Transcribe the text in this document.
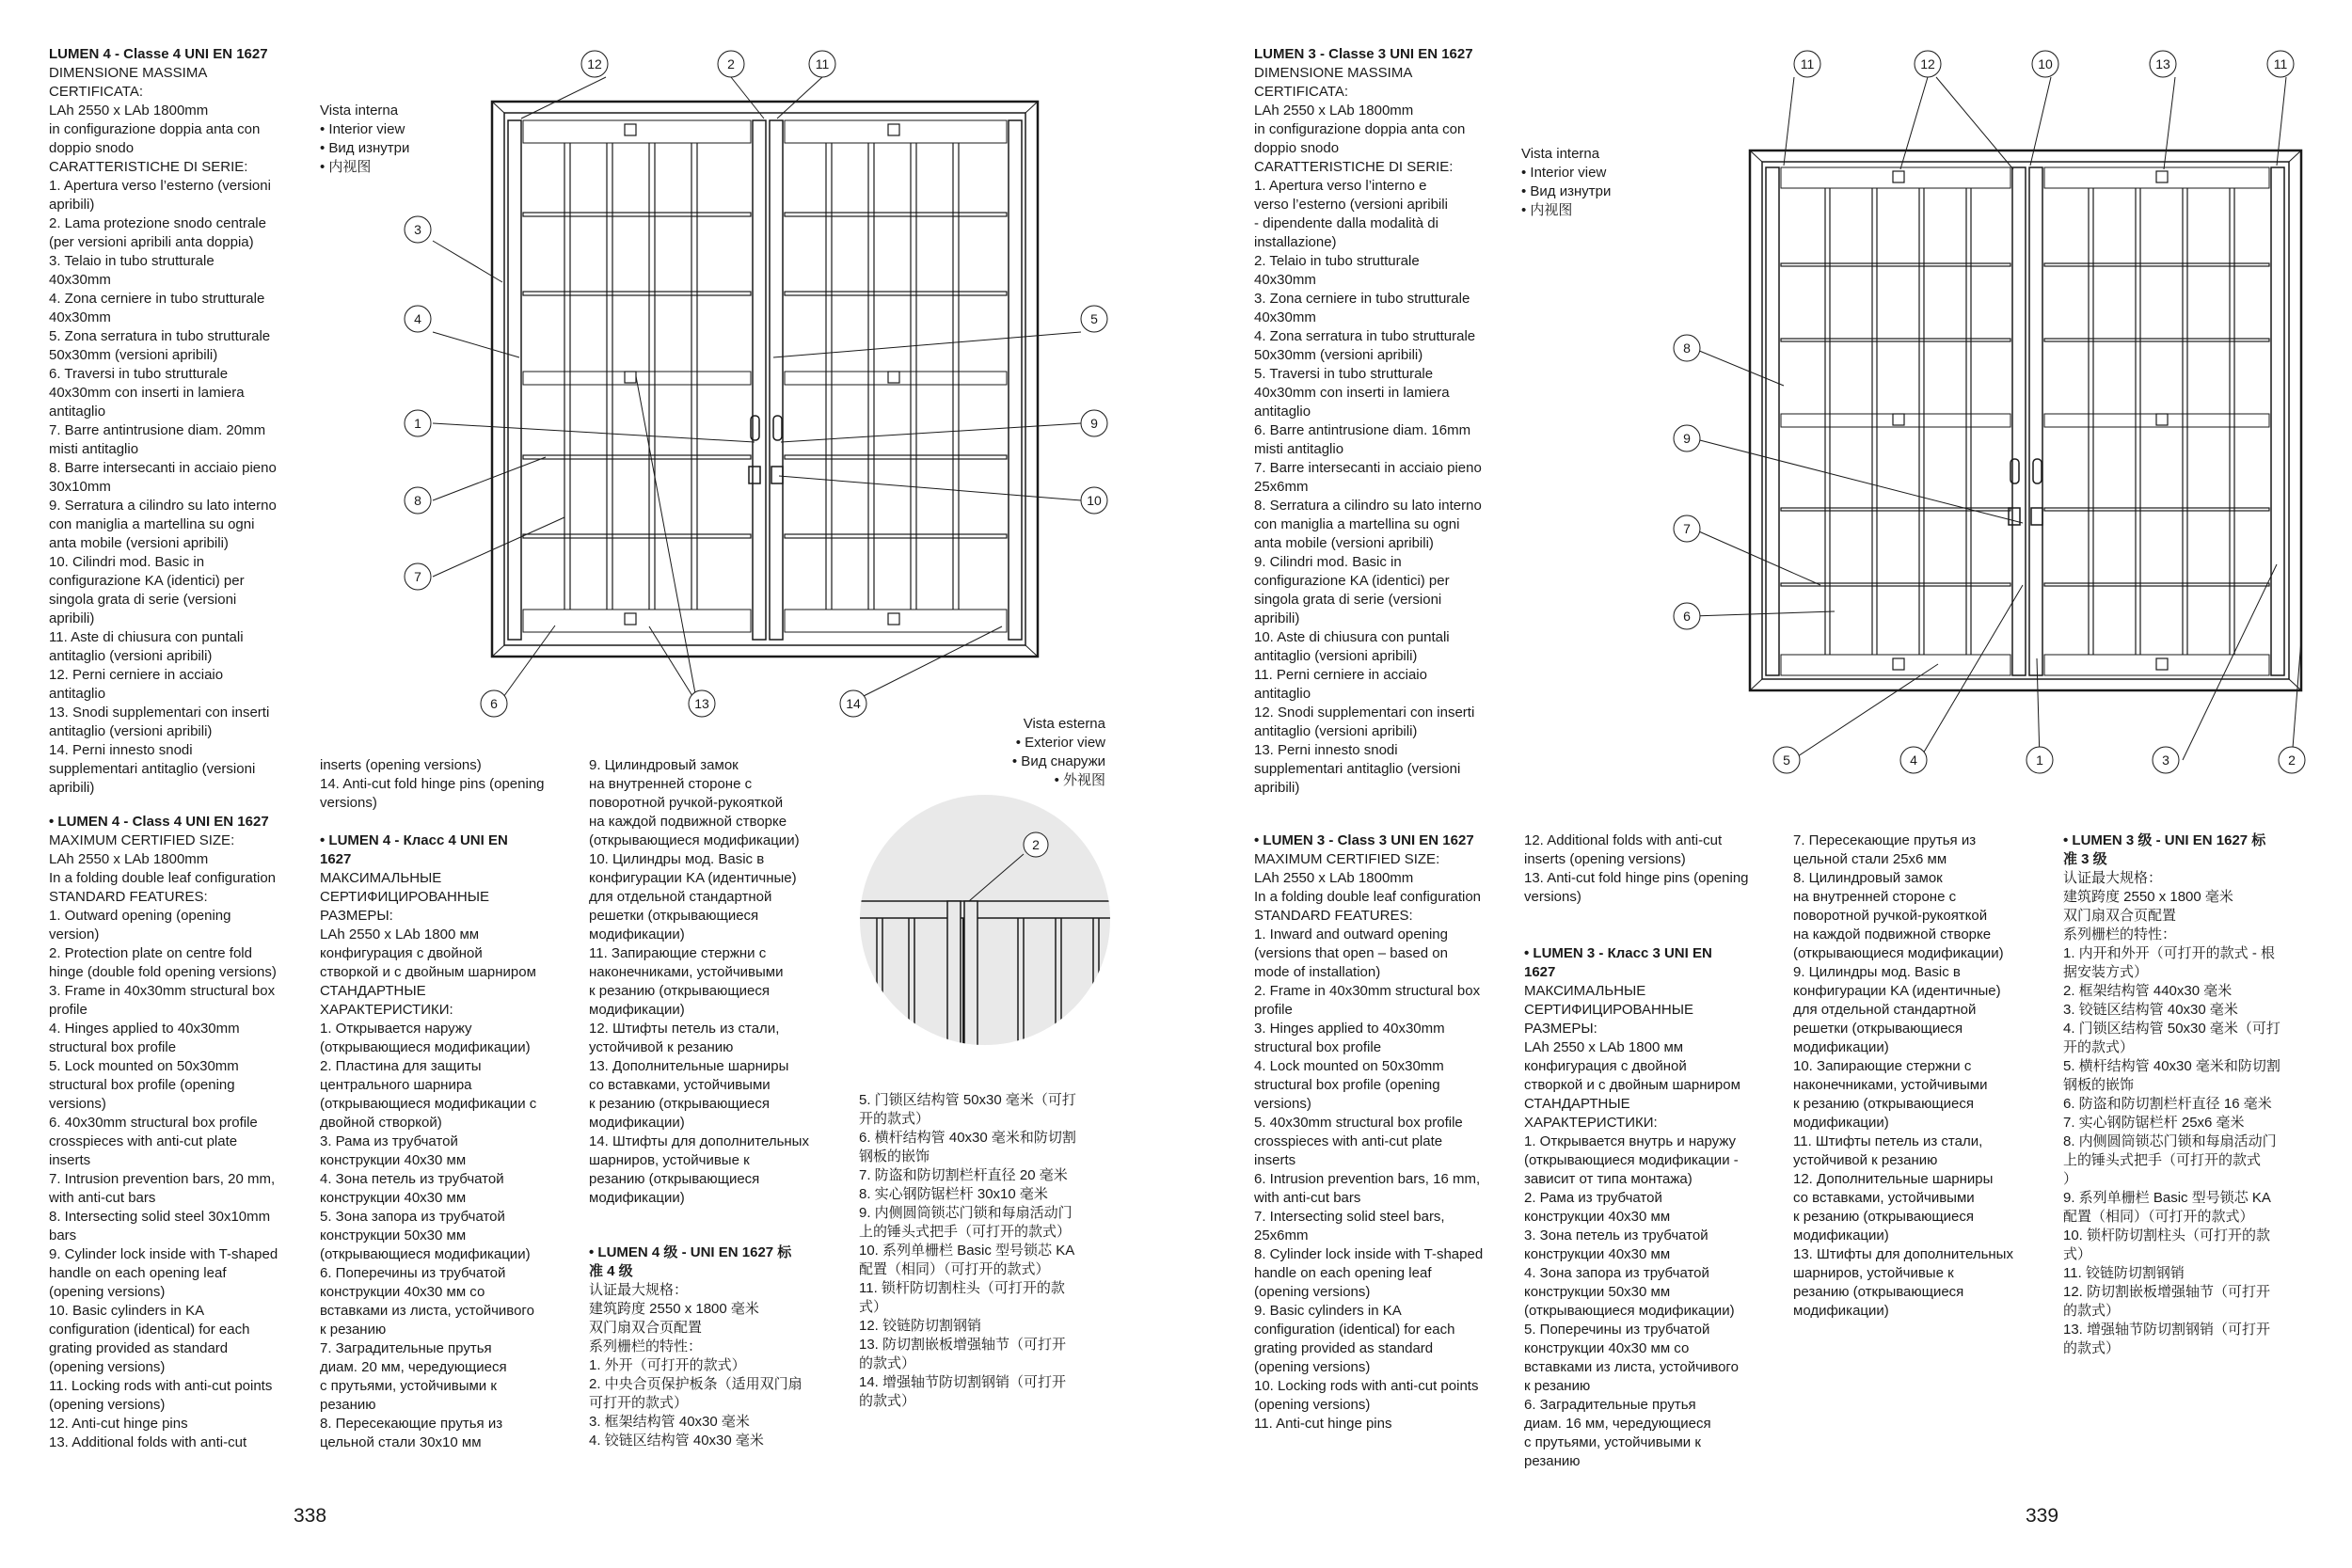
LUMEN 4 - Classe 4 UNI EN 1627
DIMENSIONE MASSIMA
CERTIFICATA:
LAh 2550 x LAb 1800mm
in configurazione doppia anta con
doppio snodo
CARATTERISTICHE DI SERIE:
1. Apertura verso l’esterno (versioni
apribili)
2. Lama protezione snodo centrale
(per versioni apribili anta doppia)
3. Telaio in tubo strutturale
40x30mm
4. Zona cerniere in tubo strutturale
40x30mm
5. Zona serratura in tubo strutturale
50x30mm (versioni apribili)
6. Traversi in tubo strutturale
40x30mm con inserti in lamiera
antitaglio
7. Barre antintrusione diam. 20mm
misti antitaglio
8. Barre intersecanti in acciaio pieno
30x10mm
9. Serratura a cilindro su lato interno
con maniglia a martellina su ogni
anta mobile (versioni apribili)
10. Cilindri mod. Basic in
configurazione KA (identici) per
singola grata di serie (versioni
apribili)
11. Aste di chiusura con puntali
antitaglio (versioni apribili)
12. Perni cerniere in acciaio
antitaglio
13. Snodi supplementari con inserti
antitaglio (versioni apribili)
14. Perni innesto snodi
supplementari antitaglio (versioni
apribili)
Vista interna
• Interior view
• Вид изнутри
• 内视图
Vista esterna
• Exterior view
• Вид снаружи
• 外视图
• LUMEN 4 - Class 4 UNI EN 1627
MAXIMUM CERTIFIED SIZE:
LAh 2550 x LAb 1800mm
In a folding double leaf configuration
STANDARD FEATURES:
1. Outward opening (opening
version)
2. Protection plate on centre fold
hinge (double fold opening versions)
3. Frame in 40x30mm structural box
profile
4. Hinges applied to 40x30mm
structural box profile
5. Lock mounted on 50x30mm
structural box profile (opening
versions)
6. 40x30mm structural box profile
crosspieces with anti-cut plate
inserts
7. Intrusion prevention bars, 20 mm,
with anti-cut bars
8. Intersecting solid steel 30x10mm
bars
9. Cylinder lock inside with T-shaped
handle on each opening leaf
(opening versions)
10. Basic cylinders in KA
configuration (identical) for each
grating provided as standard
(opening versions)
11. Locking rods with anti-cut points
(opening versions)
12. Anti-cut hinge pins
13. Additional folds with anti-cut
inserts (opening versions)
14. Anti-cut fold hinge pins (opening
versions)
• LUMEN 4 - Класс 4 UNI EN
1627
МАКСИМАЛЬНЫЕ
СЕРТИФИЦИРОВАННЫЕ
РАЗМЕРЫ:
LAh 2550 x LAb 1800 мм
конфигурация с двойной
створкой и с двойным шарниром
СТАНДАРТНЫЕ
ХАРАКТЕРИСТИКИ:
1. Открывается наружу
(открывающиеся модификации)
2. Пластина для защиты
центрального шарнира
(открывающиеся модификации с
двойной створкой)
3. Рама из трубчатой
конструкции 40x30 мм
4. Зона петель из трубчатой
конструкции 40x30 мм
5. Зона запора из трубчатой
конструкции 50x30 мм
(открывающиеся модификации)
6. Поперечины из трубчатой
конструкции 40x30 мм со
вставками из листа, устойчивого
к резанию
7. Заградительные прутья
диам. 20 мм, чередующиеся
с прутьями, устойчивыми к
резанию
8. Пересекающие прутья из
цельной стали 30x10 мм
9. Цилиндровый замок
на внутренней стороне с
поворотной ручкой-рукояткой
на каждой подвижной створке
(открывающиеся модификации)
10. Цилиндры мод. Basic в
конфигурации KA (идентичные)
для отдельной стандартной
решетки (открывающиеся
модификации)
11. Запирающие стержни с
наконечниками, устойчивыми
к резанию (открывающиеся
модификации)
12. Штифты петель из стали,
устойчивой к резанию
13. Дополнительные шарниры
со вставками, устойчивыми
к резанию (открывающиеся
модификации)
14. Штифты для дополнительных
шарниров, устойчивые к
резанию (открывающиеся
модификации)
• LUMEN 4 级 - UNI EN 1627 标
准 4 级
认证最大规格：
建筑跨度 2550 x 1800 毫米
双门扇双合页配置
系列栅栏的特性：
1. 外开（可打开的款式）
2. 中央合页保护板条（适用双门扇
可打开的款式）
3. 框架结构管 40x30 毫米
4. 铰链区结构管 40x30 毫米
5. 门锁区结构管 50x30 毫米（可打
开的款式）
6. 横杆结构管 40x30 毫米和防切割
钢板的嵌饰
7. 防盗和防切割栏杆直径 20 毫米
8. 实心钢防锯栏杆 30x10 毫米
9. 内侧圆筒锁芯门锁和每扇活动门
上的锤头式把手（可打开的款式）
10. 系列单栅栏 Basic 型号锁芯 KA
配置（相同）（可打开的款式）
11. 锁杆防切割柱头（可打开的款
式）
12. 铰链防切割钢销
13. 防切割嵌板增强轴节（可打开
的款式）
14. 增强轴节防切割钢销（可打开
的款式）
338
LUMEN 3 - Classe 3 UNI EN 1627
DIMENSIONE MASSIMA
CERTIFICATA:
LAh 2550 x LAb 1800mm
in configurazione doppia anta con
doppio snodo
CARATTERISTICHE DI SERIE:
1. Apertura verso l’interno e
verso l’esterno (versioni apribili
- dipendente dalla modalità di
installazione)
2. Telaio in tubo strutturale
40x30mm
3. Zona cerniere in tubo strutturale
40x30mm
4. Zona serratura in tubo strutturale
50x30mm (versioni apribili)
5. Traversi in tubo strutturale
40x30mm con inserti in lamiera
antitaglio
6. Barre antintrusione diam. 16mm
misti antitaglio
7. Barre intersecanti in acciaio pieno
25x6mm
8. Serratura a cilindro su lato interno
con maniglia a martellina su ogni
anta mobile (versioni apribili)
9. Cilindri mod. Basic in
configurazione KA (identici) per
singola grata di serie (versioni
apribili)
10. Aste di chiusura con puntali
antitaglio (versioni apribili)
11. Perni cerniere in acciaio
antitaglio
12. Snodi supplementari con inserti
antitaglio (versioni apribili)
13. Perni innesto snodi
supplementari antitaglio (versioni
apribili)
Vista interna
• Interior view
• Вид изнутри
• 内视图
• LUMEN 3 - Class 3 UNI EN 1627
MAXIMUM CERTIFIED SIZE:
LAh 2550 x LAb 1800mm
In a folding double leaf configuration
STANDARD FEATURES:
1. Inward and outward opening
(versions that open – based on
mode of installation)
2. Frame in 40x30mm structural box
profile
3. Hinges applied to 40x30mm
structural box profile
4. Lock mounted on 50x30mm
structural box profile (opening
versions)
5. 40x30mm structural box profile
crosspieces with anti-cut plate
inserts
6. Intrusion prevention bars, 16 mm,
with anti-cut bars
7. Intersecting solid steel bars,
25x6mm
8. Cylinder lock inside with T-shaped
handle on each opening leaf
(opening versions)
9. Basic cylinders in KA
configuration (identical) for each
grating provided as standard
(opening versions)
10. Locking rods with anti-cut points
(opening versions)
11. Anti-cut hinge pins
12. Additional folds with anti-cut
inserts (opening versions)
13. Anti-cut fold hinge pins (opening
versions)
• LUMEN 3 - Класс 3 UNI EN
1627
МАКСИМАЛЬНЫЕ
СЕРТИФИЦИРОВАННЫЕ
РАЗМЕРЫ:
LAh 2550 x LAb 1800 мм
конфигурация с двойной
створкой и с двойным шарниром
СТАНДАРТНЫЕ
ХАРАКТЕРИСТИКИ:
1. Открывается внутрь и наружу
(открывающиеся модификации -
зависит от типа монтажа)
2. Рама из трубчатой
конструкции 40x30 мм
3. Зона петель из трубчатой
конструкции 40x30 мм
4. Зона запора из трубчатой
конструкции 50x30 мм
(открывающиеся модификации)
5. Поперечины из трубчатой
конструкции 40x30 мм со
вставками из листа, устойчивого
к резанию
6. Заградительные прутья
диам. 16 мм, чередующиеся
с прутьями, устойчивыми к
резанию
7. Пересекающие прутья из
цельной стали 25x6 мм
8. Цилиндровый замок
на внутренней стороне с
поворотной ручкой-рукояткой
на каждой подвижной створке
(открывающиеся модификации)
9. Цилиндры мод. Basic в
конфигурации KA (идентичные)
для отдельной стандартной
решетки (открывающиеся
модификации)
10. Запирающие стержни с
наконечниками, устойчивыми
к резанию (открывающиеся
модификации)
11. Штифты петель из стали,
устойчивой к резанию
12. Дополнительные шарниры
со вставками, устойчивыми
к резанию (открывающиеся
модификации)
13. Штифты для дополнительных
шарниров, устойчивые к
резанию (открывающиеся
модификации)
• LUMEN 3 级 - UNI EN 1627 标
准 3 级
认证最大规格：
建筑跨度 2550 x 1800 毫米
双门扇双合页配置
系列栅栏的特性：
1. 内开和外开（可打开的款式 - 根
据安装方式）
2. 框架结构管 440x30 毫米
3. 铰链区结构管 40x30 毫米
4. 门锁区结构管 50x30 毫米（可打
开的款式）
5. 横杆结构管 40x30 毫米和防切割
钢板的嵌饰
6. 防盗和防切割栏杆直径 16 毫米
7. 实心钢防锯栏杆 25x6 毫米
8. 内侧圆筒锁芯门锁和每扇活动门
上的锤头式把手（可打开的款式
）
9. 系列单栅栏 Basic 型号锁芯 KA
配置（相同）（可打开的款式）
10. 锁杆防切割柱头（可打开的款
式）
11. 铰链防切割钢销
12. 防切割嵌板增强轴节（可打开
的款式）
13. 增强轴节防切割钢销（可打开
的款式）
339
12	2	11
3
4	5
1	9
8	10
7
6	13	14
2
11	12	10	13	11
8
9
7
6
5	4	1	3	2
